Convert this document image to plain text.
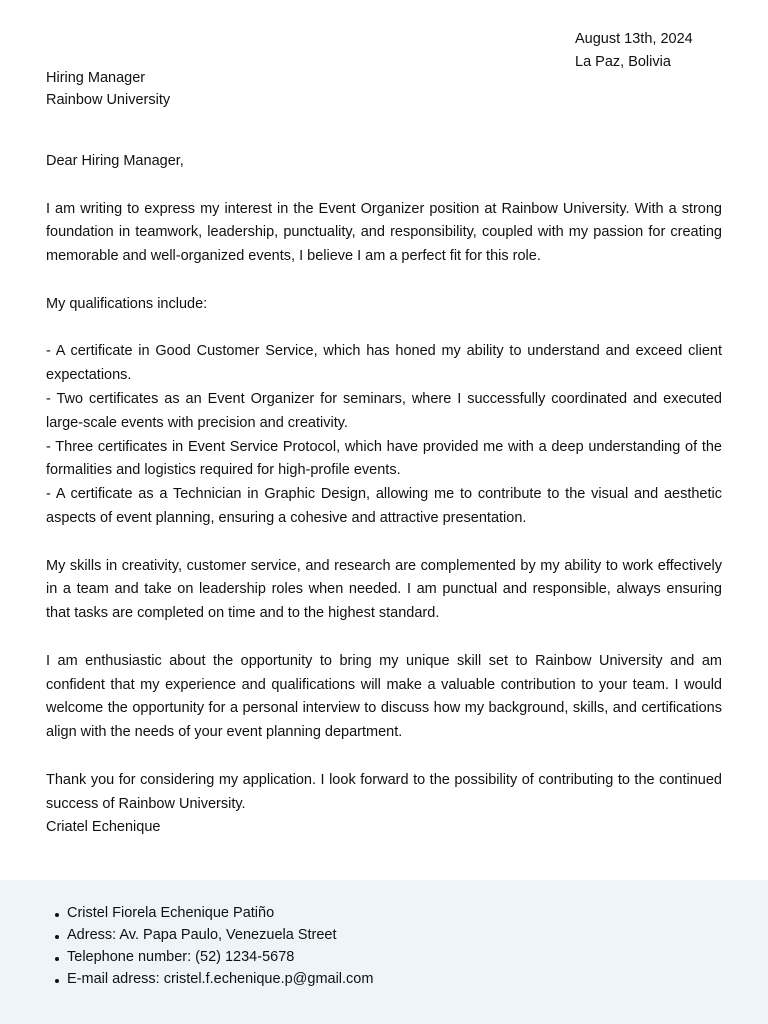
August 13th, 2024
La Paz, Bolivia
Hiring Manager
Rainbow University

Dear Hiring Manager,

I am writing to express my interest in the Event Organizer position at Rainbow University. With a strong foundation in teamwork, leadership, punctuality, and responsibility, coupled with my passion for creating memorable and well-organized events, I believe I am a perfect fit for this role.

My qualifications include:

- A certificate in Good Customer Service, which has honed my ability to understand and exceed client expectations.

- Two certificates as an Event Organizer for seminars, where I successfully coordinated and executed large-scale events with precision and creativity.

- Three certificates in Event Service Protocol, which have provided me with a deep understanding of the formalities and logistics required for high-profile events.

- A certificate as a Technician in Graphic Design, allowing me to contribute to the visual and aesthetic aspects of event planning, ensuring a cohesive and attractive presentation.

My skills in creativity, customer service, and research are complemented by my ability to work effectively in a team and take on leadership roles when needed. I am punctual and responsible, always ensuring that tasks are completed on time and to the highest standard.

I am enthusiastic about the opportunity to bring my unique skill set to Rainbow University and am confident that my experience and qualifications will make a valuable contribution to your team. I would welcome the opportunity for a personal interview to discuss how my background, skills, and certifications align with the needs of your event planning department.

Thank you for considering my application. I look forward to the possibility of contributing to the continued success of Rainbow University.

Criatel Echenique

Cristel Fiorela Echenique Patiño
Adress: Av. Papa Paulo, Venezuela Street
Telephone number: (52) 1234-5678
E-mail adress: cristel.f.echenique.p@gmail.com
